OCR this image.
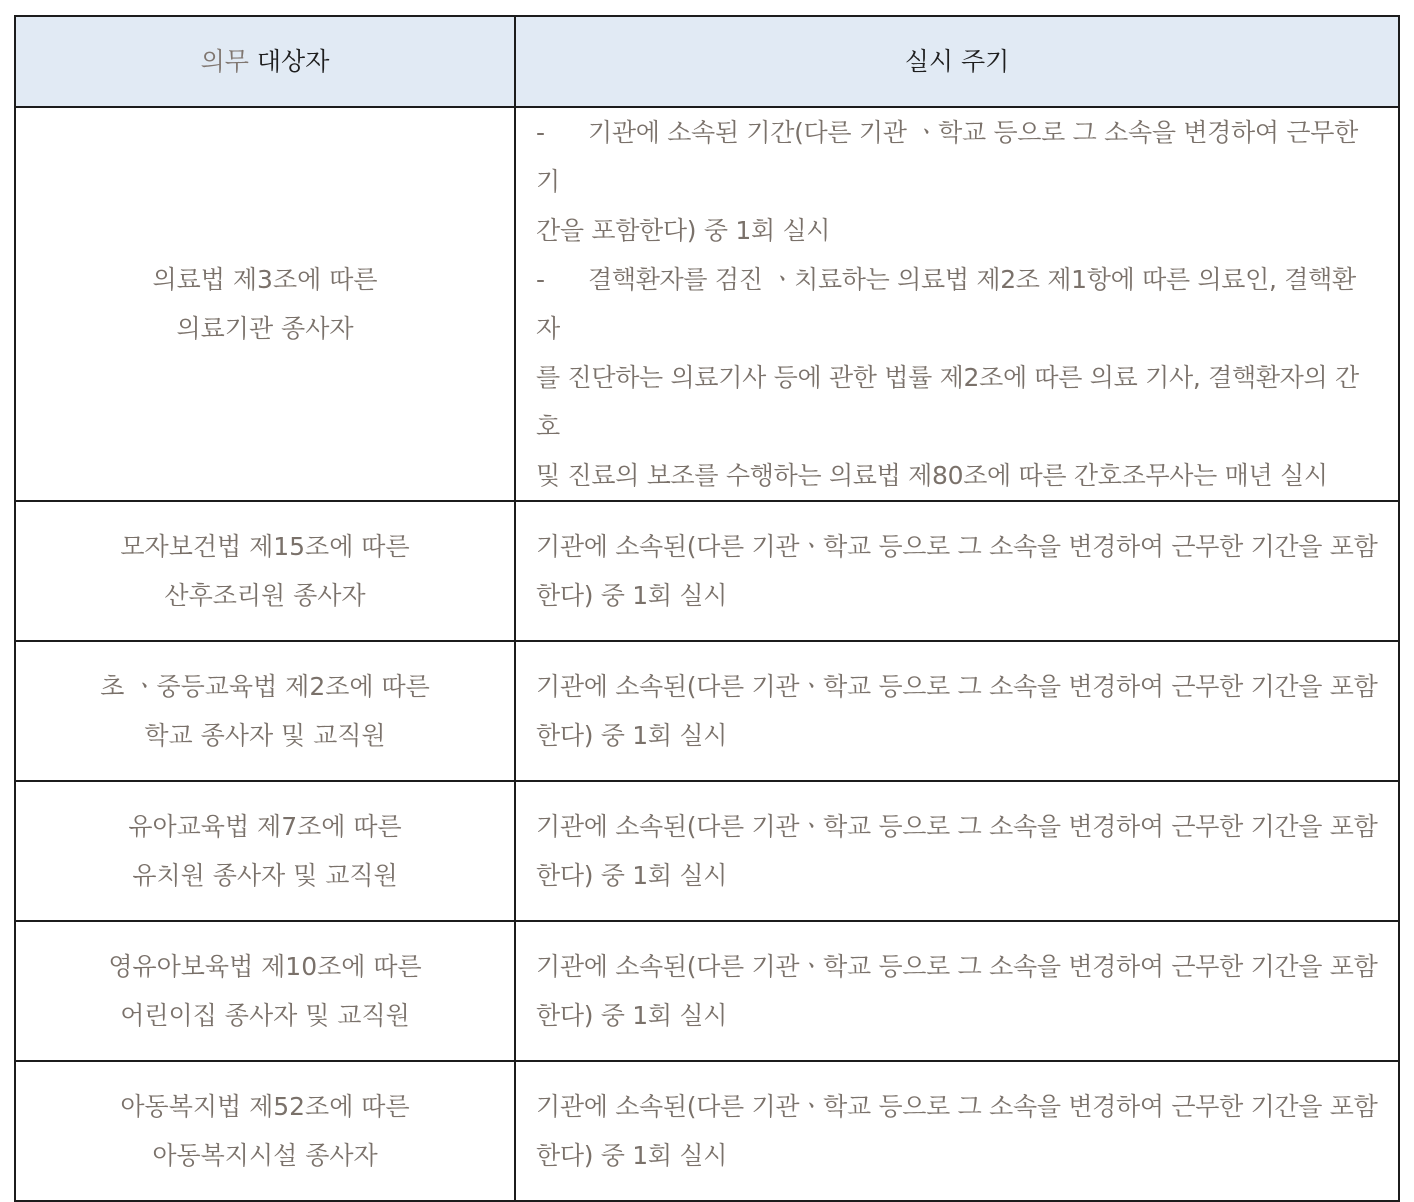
의무 대상자	실시 주기

의료법 제3조에 따른
의료기관 종사자	- 기관에 소속된 기간(다른 기관 ㆍ학교 등으로 그 소속을 변경하여 근무한 기
간을 포함한다) 중 1회 실시
- 결핵환자를 검진 ㆍ치료하는 의료법 제2조 제1항에 따른 의료인, 결핵환자
를 진단하는 의료기사 등에 관한 법률 제2조에 따른 의료 기사, 결핵환자의 간호
및 진료의 보조를 수행하는 의료법 제80조에 따른 간호조무사는 매년 실시

모자보건법 제15조에 따른
산후조리원 종사자	기관에 소속된(다른 기관ㆍ학교 등으로 그 소속을 변경하여 근무한 기간을 포함
한다) 중 1회 실시

초 ㆍ중등교육법 제2조에 따른
학교 종사자 및 교직원	기관에 소속된(다른 기관ㆍ학교 등으로 그 소속을 변경하여 근무한 기간을 포함
한다) 중 1회 실시

유아교육법 제7조에 따른
유치원 종사자 및 교직원	기관에 소속된(다른 기관ㆍ학교 등으로 그 소속을 변경하여 근무한 기간을 포함
한다) 중 1회 실시

영유아보육법 제10조에 따른
어린이집 종사자 및 교직원	기관에 소속된(다른 기관ㆍ학교 등으로 그 소속을 변경하여 근무한 기간을 포함
한다) 중 1회 실시

아동복지법 제52조에 따른
아동복지시설 종사자	기관에 소속된(다른 기관ㆍ학교 등으로 그 소속을 변경하여 근무한 기간을 포함
한다) 중 1회 실시
